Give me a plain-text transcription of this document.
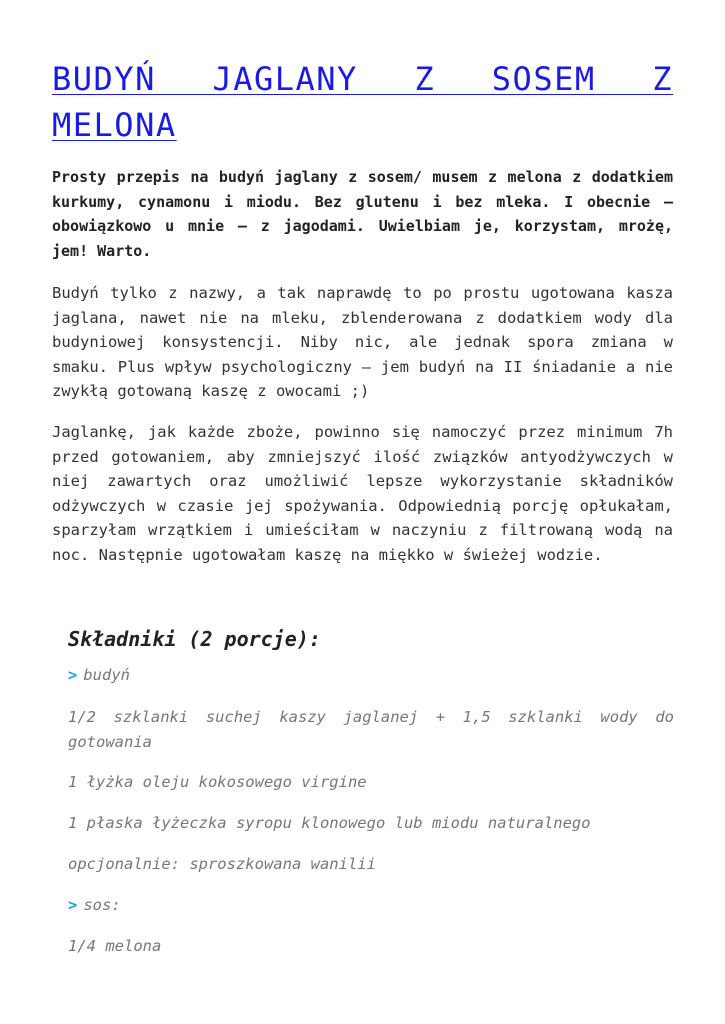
BUDYŃ JAGLANY Z SOSEM Z
MELONA

Prosty przepis na budyń jaglany z sosem/ musem z melona z dodatkiem kurkumy, cynamonu i miodu. Bez glutenu i bez mleka. I obecnie – obowiązkowo u mnie – z jagodami. Uwielbiam je, korzystam, mrożę, jem! Warto.

Budyń tylko z nazwy, a tak naprawdę to po prostu ugotowana kasza jaglana, nawet nie na mleku, zblenderowana z dodatkiem wody dla budyniowej konsystencji. Niby nic, ale jednak spora zmiana w smaku. Plus wpływ psychologiczny – jem budyń na II śniadanie a nie zwykłą gotowaną kaszę z owocami ;)

Jaglankę, jak każde zboże, powinno się namoczyć przez minimum 7h przed gotowaniem, aby zmniejszyć ilość związków antyodżywczych w niej zawartych oraz umożliwić lepsze wykorzystanie składników odżywczych w czasie jej spożywania. Odpowiednią porcję opłukałam, sparzyłam wrzątkiem i umieściłam w naczyniu z filtrowaną wodą na noc. Następnie ugotowałam kaszę na miękko w świeżej wodzie.

Składniki (2 porcje):

> budyń

1/2 szklanki suchej kaszy jaglanej + 1,5 szklanki wody do gotowania

1 łyżka oleju kokosowego virgine

1 płaska łyżeczka syropu klonowego lub miodu naturalnego

opcjonalnie: sproszkowana wanilii

> sos:

1/4 melona
